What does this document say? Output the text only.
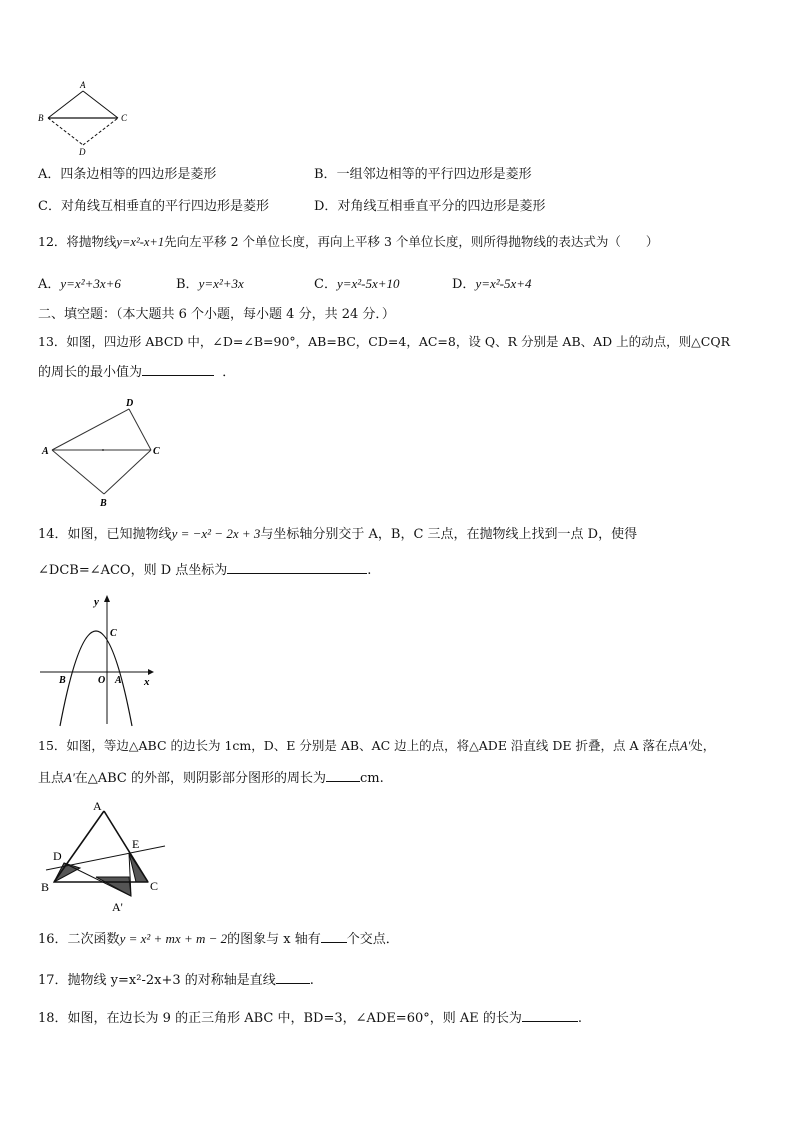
A
B	C
D
A．四条边相等的四边形是菱形	B．一组邻边相等的平行四边形是菱形
C．对角线互相垂直的平行四边形是菱形	D．对角线互相垂直平分的四边形是菱形
12．将抛物线y=x²-x+1先向左平移 2 个单位长度，再向上平移 3 个单位长度，则所得抛物线的表达式为（　　）
A．y=x²+3x+6	B．y=x²+3x	C．y=x²-5x+10	D．y=x²-5x+4
二、填空题：（本大题共 6 个小题，每小题 4 分，共 24 分．）
13．如图，四边形 ABCD 中，∠D=∠B=90°，AB=BC，CD=4，AC=8，设 Q、R 分别是 AB、AD 上的动点，则△CQR
的周长的最小值为	．
D
A	C
B
14．如图，已知抛物线y = −x² − 2x + 3与坐标轴分别交于 A，B，C 三点，在抛物线上找到一点 D，使得
∠DCB=∠ACO，则 D 点坐标为	.
y
x
C
B	O A
15．如图，等边△ABC 的边长为 1cm，D、E 分别是 AB、AC 边上的点，将△ADE 沿直线 DE 折叠，点 A 落在点A'处，
且点A'在△ABC 的外部，则阴影部分图形的周长为	cm.
A
D
E
B	C
A'
16．二次函数y = x² + mx + m − 2的图象与 x 轴有 个交点．
17．抛物线 y=x²-2x+3 的对称轴是直线	.
18．如图，在边长为 9 的正三角形 ABC 中，BD=3，∠ADE=60°，则 AE 的长为	.
